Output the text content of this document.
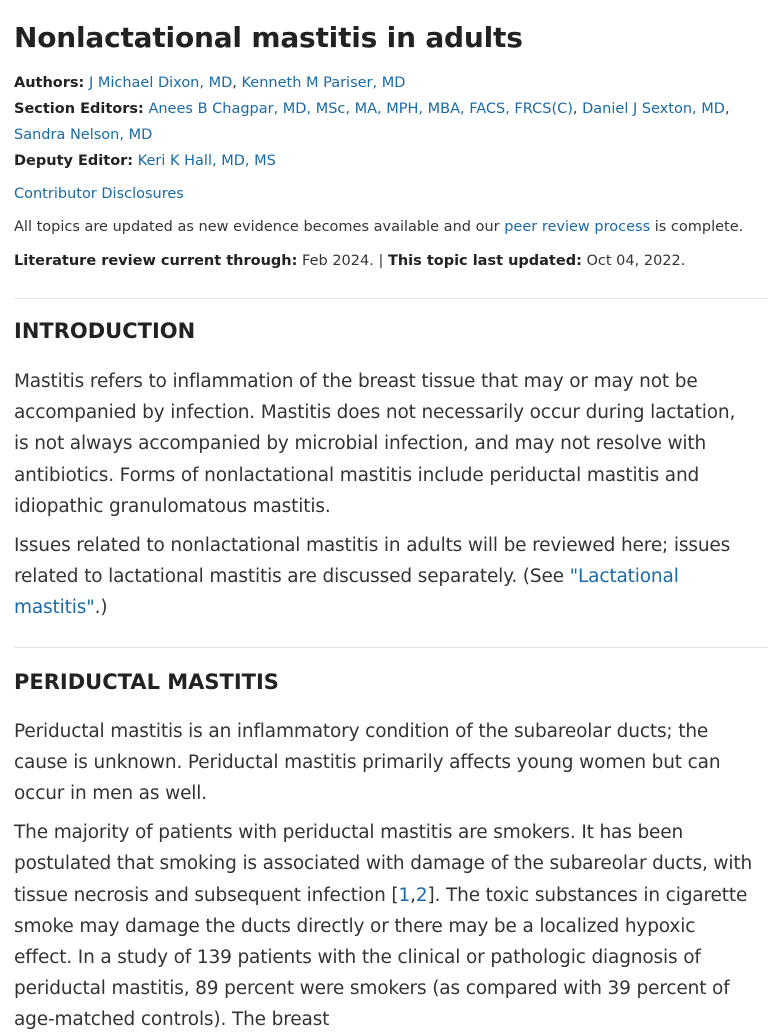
Nonlactational mastitis in adults
Authors: J Michael Dixon, MD, Kenneth M Pariser, MD
Section Editors: Anees B Chagpar, MD, MSc, MA, MPH, MBA, FACS, FRCS(C), Daniel J Sexton, MD, Sandra Nelson, MD
Deputy Editor: Keri K Hall, MD, MS
Contributor Disclosures
All topics are updated as new evidence becomes available and our peer review process is complete.
Literature review current through: Feb 2024. | This topic last updated: Oct 04, 2022.
INTRODUCTION

Mastitis refers to inflammation of the breast tissue that may or may not be accompanied by infection. Mastitis does not necessarily occur during lactation, is not always accompanied by microbial infection, and may not resolve with antibiotics. Forms of nonlactational mastitis include periductal mastitis and idiopathic granulomatous mastitis.

Issues related to nonlactational mastitis in adults will be reviewed here; issues related to lactational mastitis are discussed separately. (See "Lactational mastitis".)

PERIDUCTAL MASTITIS

Periductal mastitis is an inflammatory condition of the subareolar ducts; the cause is unknown. Periductal mastitis primarily affects young women but can occur in men as well.

The majority of patients with periductal mastitis are smokers. It has been postulated that smoking is associated with damage of the subareolar ducts, with tissue necrosis and subsequent infection [1,2]. The toxic substances in cigarette smoke may damage the ducts directly or there may be a localized hypoxic effect. In a study of 139 patients with the clinical or pathologic diagnosis of periductal mastitis, 89 percent were smokers (as compared with 39 percent of age-matched controls). The breast
